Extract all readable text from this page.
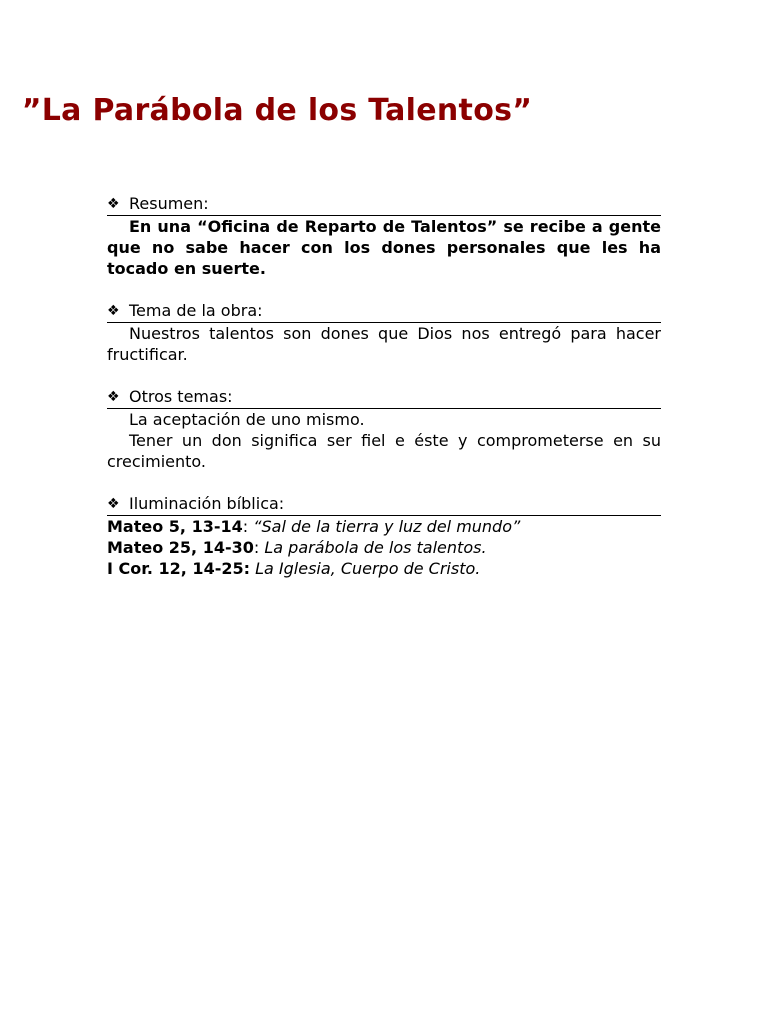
”La Parábola de los Talentos”
❖ Resumen:

En una “Oficina de Reparto de Talentos” se recibe a gente que no sabe hacer con los dones personales que les ha tocado en suerte.

❖ Tema de la obra:

Nuestros talentos son dones que Dios nos entregó para hacer fructificar.

❖ Otros temas:

La aceptación de uno mismo.

Tener un don significa ser fiel e éste y comprometerse en su crecimiento.

❖ Iluminación bíblica:

Mateo 5, 13-14: “Sal de la tierra y luz del mundo”

Mateo 25, 14-30: La parábola de los talentos.

I Cor. 12, 14-25: La Iglesia, Cuerpo de Cristo.
